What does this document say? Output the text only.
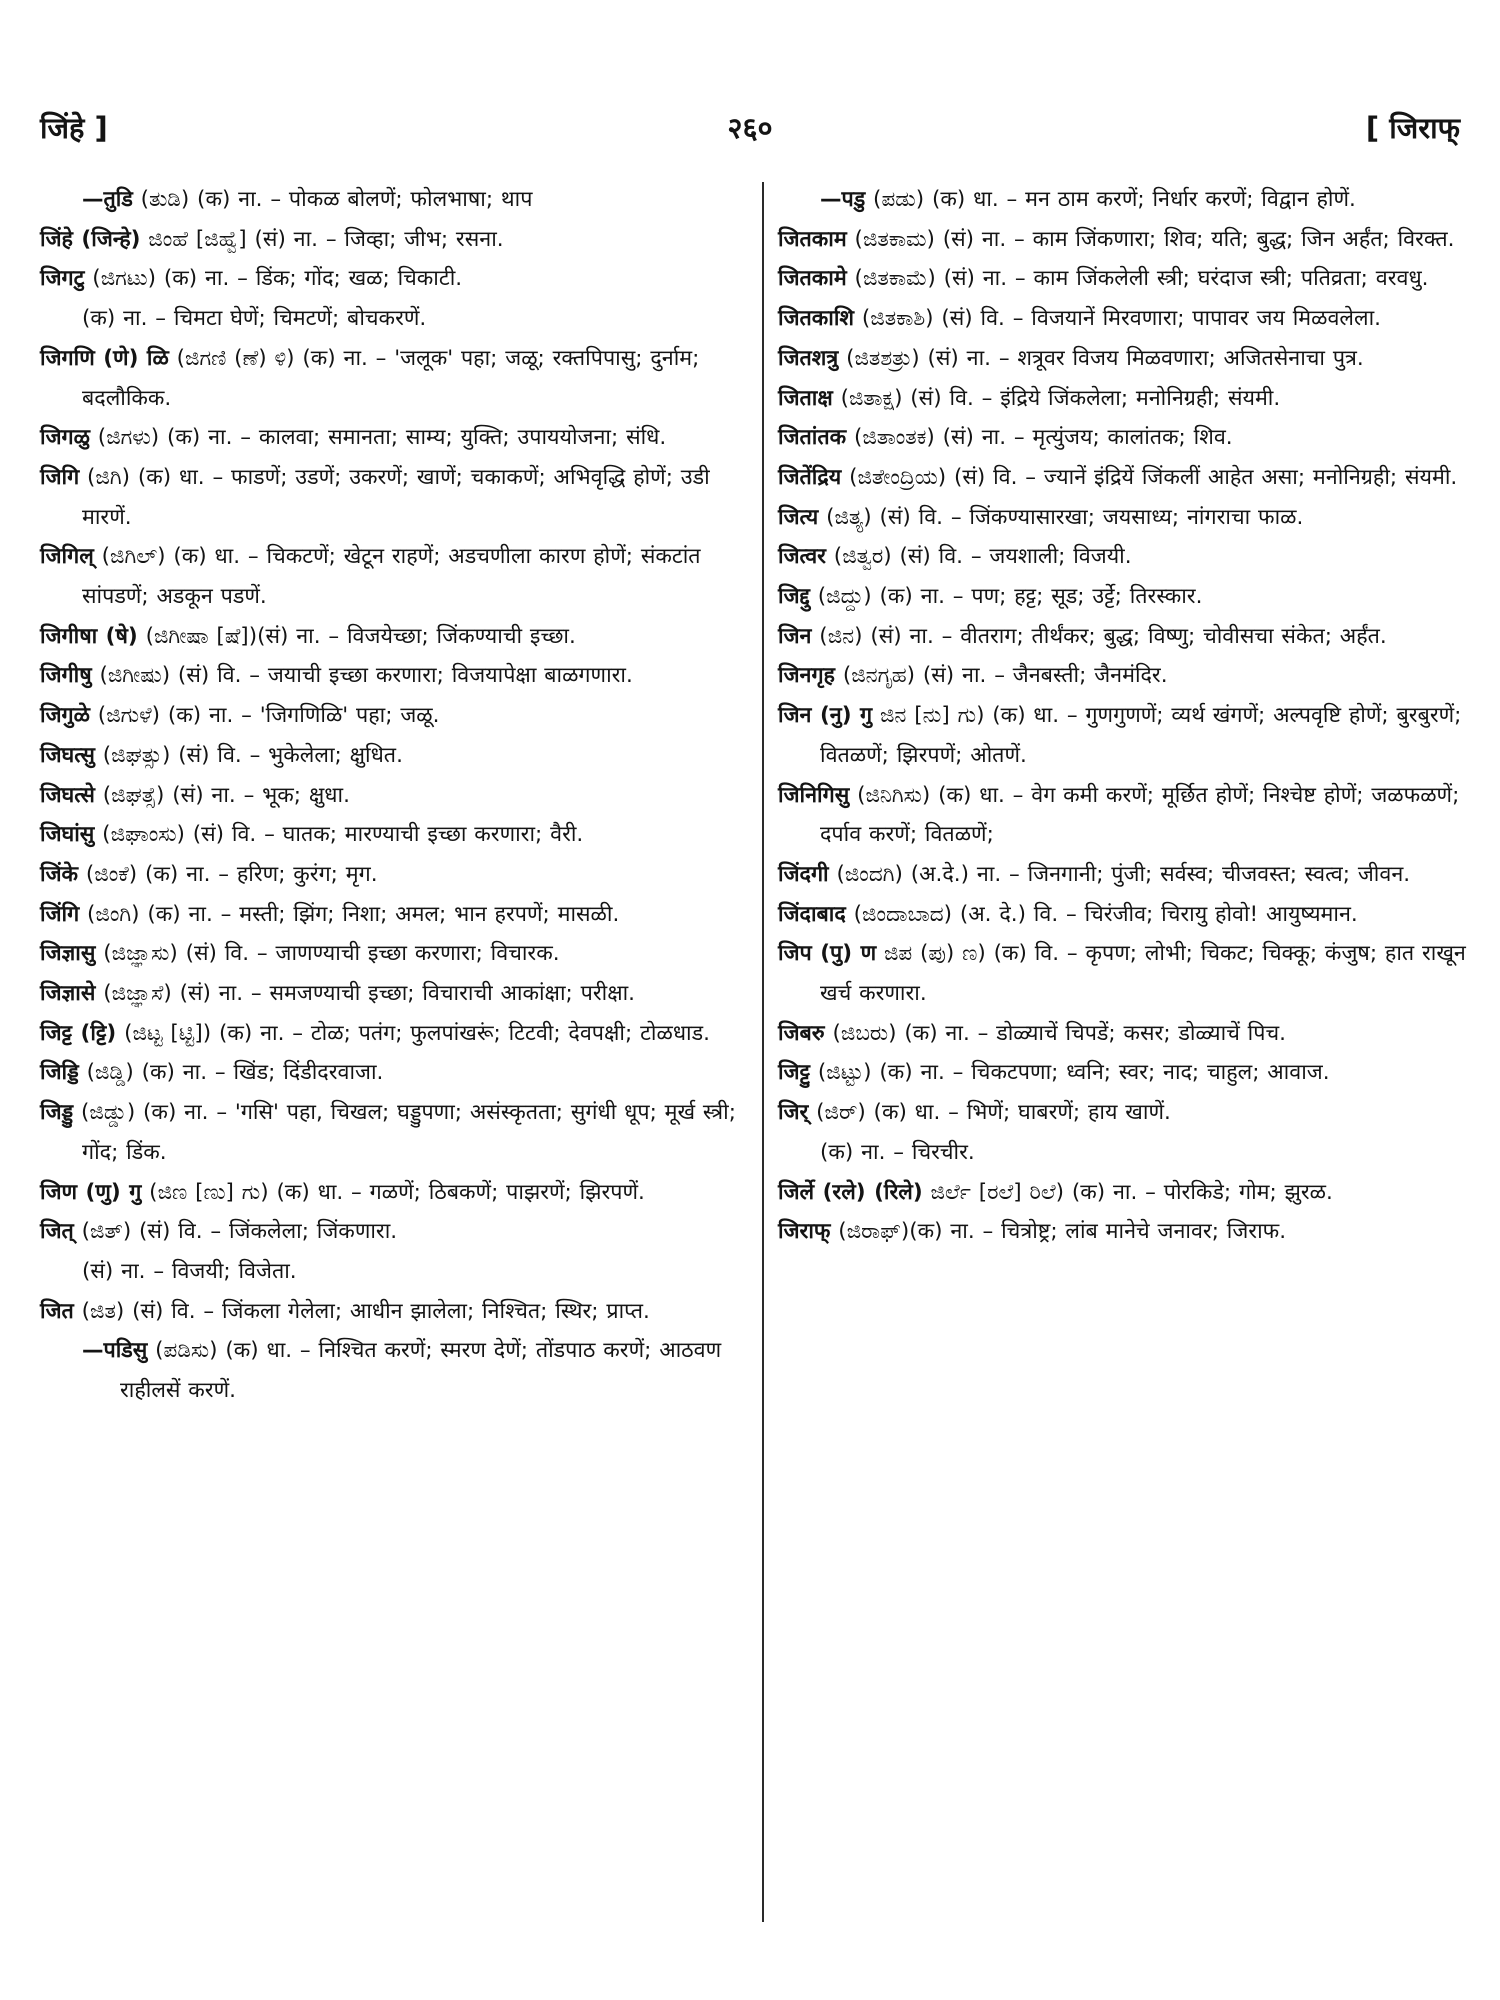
जिंहे ]	२६०	[ जिराफ्

—तुडि (ತುಡಿ) (क) ना. – पोकळ बोलणें; फोलभाषा; थाप

जिंहे (जिन्हे) ಜಿಂಹೆ [ಜಿಹ್ವೆ] (सं) ना. – जिव्हा; जीभ; रसना.

जिगटु (ಜಿಗಟು) (क) ना. – डिंक; गोंद; खळ; चिकाटी.

(क) ना. – चिमटा घेणें; चिमटणें; बोचकरणें.

जिगणि (णे) ळि (ಜಿಗಣಿ (ಣೆ) ಳಿ) (क) ना. – 'जलूक' पहा; जळू; रक्तपिपासु; दुर्नाम; बदलौकिक.

जिगळु (ಜಿಗಳು) (क) ना. – कालवा; समानता; साम्य; युक्ति; उपाययोजना; संधि.

जिगि (ಜಿಗಿ) (क) धा. – फाडणें; उडणें; उकरणें; खाणें; चकाकणें; अभिवृद्धि होणें; उडी मारणें.

जिगिल् (ಜಿಗಿಲ್) (क) धा. – चिकटणें; खेटून राहणें; अडचणीला कारण होणें; संकटांत सांपडणें; अडकून पडणें.

जिगीषा (षे) (ಜಿಗೀಷಾ [ಷೆ])(सं) ना. – विजयेच्छा; जिंकण्याची इच्छा.

जिगीषु (ಜಿಗೀಷು) (सं) वि. – जयाची इच्छा करणारा; विजयापेक्षा बाळगणारा.

जिगुळे (ಜಿಗುಳೆ) (क) ना. – 'जिगणिळि' पहा; जळू.

जिघत्सु (ಜಿಘತ್ಸು) (सं) वि. – भुकेलेला; क्षुधित.

जिघत्से (ಜಿಘತ್ಸೆ) (सं) ना. – भूक; क्षुधा.

जिघांसु (ಜಿಘಾಂಸು) (सं) वि. – घातक; मारण्याची इच्छा करणारा; वैरी.

जिंके (ಜಿಂಕೆ) (क) ना. – हरिण; कुरंग; मृग.

जिंगि (ಜಿಂಗಿ) (क) ना. – मस्ती; झिंग; निशा; अमल; भान हरपणें; मासळी.

जिज्ञासु (ಜಿಜ್ಞಾಸು) (सं) वि. – जाणण्याची इच्छा करणारा; विचारक.

जिज्ञासे (ಜಿಜ್ಞಾಸೆ) (सं) ना. – समजण्याची इच्छा; विचाराची आकांक्षा; परीक्षा.

जिट्ट (ट्टि) (ಜಿಟ್ಟ [ಟ್ಟಿ]) (क) ना. – टोळ; पतंग; फुलपांखरूं; टिटवी; देवपक्षी; टोळधाड.

जिड्डि (ಜಿಡ್ಡಿ) (क) ना. – खिंड; दिंडीदरवाजा.

जिड्डु (ಜಿಡ್ಡು) (क) ना. – 'गसि' पहा, चिखल; घड्डुपणा; असंस्कृतता; सुगंधी धूप; मूर्ख स्त्री; गोंद; डिंक.

जिण (णु) गु (ಜಿಣ [ಣು] ಗು) (क) धा. – गळणें; ठिबकणें; पाझरणें; झिरपणें.

जित् (ಜಿತ್) (सं) वि. – जिंकलेला; जिंकणारा.

(सं) ना. – विजयी; विजेता.

जित (ಜಿತ) (सं) वि. – जिंकला गेलेला; आधीन झालेला; निश्चित; स्थिर; प्राप्त.

—पडिसु (ಪಡಿಸು) (क) धा. – निश्चित करणें; स्मरण देणें; तोंडपाठ करणें; आठवण राहीलसें करणें.

—पडु (ಪಡು) (क) धा. – मन ठाम करणें; निर्धार करणें; विद्वान होणें.

जितकाम (ಜಿತಕಾಮ) (सं) ना. – काम जिंकणारा; शिव; यति; बुद्ध; जिन अर्हंत; विरक्त.

जितकामे (ಜಿತಕಾಮೆ) (सं) ना. – काम जिंकलेली स्त्री; घरंदाज स्त्री; पतिव्रता; वरवधु.

जितकाशि (ಜಿತಕಾಶಿ) (सं) वि. – विजयानें मिरवणारा; पापावर जय मिळवलेला.

जितशत्रु (ಜಿತಶತ್ರು) (सं) ना. – शत्रूवर विजय मिळवणारा; अजितसेनाचा पुत्र.

जिताक्ष (ಜಿತಾಕ್ಷ) (सं) वि. – इंद्रिये जिंकलेला; मनोनिग्रही; संयमी.

जितांतक (ಜಿತಾಂತಕ) (सं) ना. – मृत्युंजय; कालांतक; शिव.

जितेंद्रिय (ಜಿತೇಂದ್ರಿಯ) (सं) वि. – ज्यानें इंद्रियें जिंकलीं आहेत असा; मनोनिग्रही; संयमी.

जित्य (ಜಿತ್ಯ) (सं) वि. – जिंकण्यासारखा; जयसाध्य; नांगराचा फाळ.

जित्वर (ಜಿತ್ವರ) (सं) वि. – जयशाली; विजयी.

जिद्दु (ಜಿದ್ದು) (क) ना. – पण; हट्ट; सूड; उर्ट्टे; तिरस्कार.

जिन (ಜಿನ) (सं) ना. – वीतराग; तीर्थंकर; बुद्ध; विष्णु; चोवीसचा संकेत; अर्हंत.

जिनगृह (ಜಿನಗೃಹ) (सं) ना. – जैनबस्ती; जैनमंदिर.

जिन (नु) गु ಜಿನ [ನು] ಗು) (क) धा. – गुणगुणणें; व्यर्थ खंगणें; अल्पवृष्टि होणें; बुरबुरणें; वितळणें; झिरपणें; ओतणें.

जिनिगिसु (ಜಿನಿಗಿಸು) (क) धा. – वेग कमी करणें; मूर्छित होणें; निश्चेष्ट होणें; जळफळणें; दर्पाव करणें; वितळणें;

जिंदगी (ಜಿಂದಗಿ) (अ.दे.) ना. – जिनगानी; पुंजी; सर्वस्व; चीजवस्त; स्वत्व; जीवन.

जिंदाबाद (ಜಿಂದಾಬಾದ) (अ. दे.) वि. – चिरंजीव; चिरायु होवो! आयुष्यमान.

जिप (पु) ण ಜಿಪ (ಪು) ಣ) (क) वि. – कृपण; लोभी; चिकट; चिक्कू; कंजुष; हात राखून खर्च करणारा.

जिबरु (ಜಿಬರು) (क) ना. – डोळ्याचें चिपडें; कसर; डोळ्याचें पिच.

जिट्टु (ಜಿಟ್ಟು) (क) ना. – चिकटपणा; ध्वनि; स्वर; नाद; चाहुल; आवाज.

जिर् (ಜಿರ್) (क) धा. – भिणें; घाबरणें; हाय खाणें.

(क) ना. – चिरचीर.

जिर्ले (रले) (रिले) ಜಿರ್ಲೆ [ರಲೆ] ರಿಲೆ) (क) ना. – पोरकिडे; गोम; झुरळ.

जिराफ् (ಜಿರಾಫ್)(क) ना. – चित्रोष्ट्र; लांब मानेचे जनावर; जिराफ.
